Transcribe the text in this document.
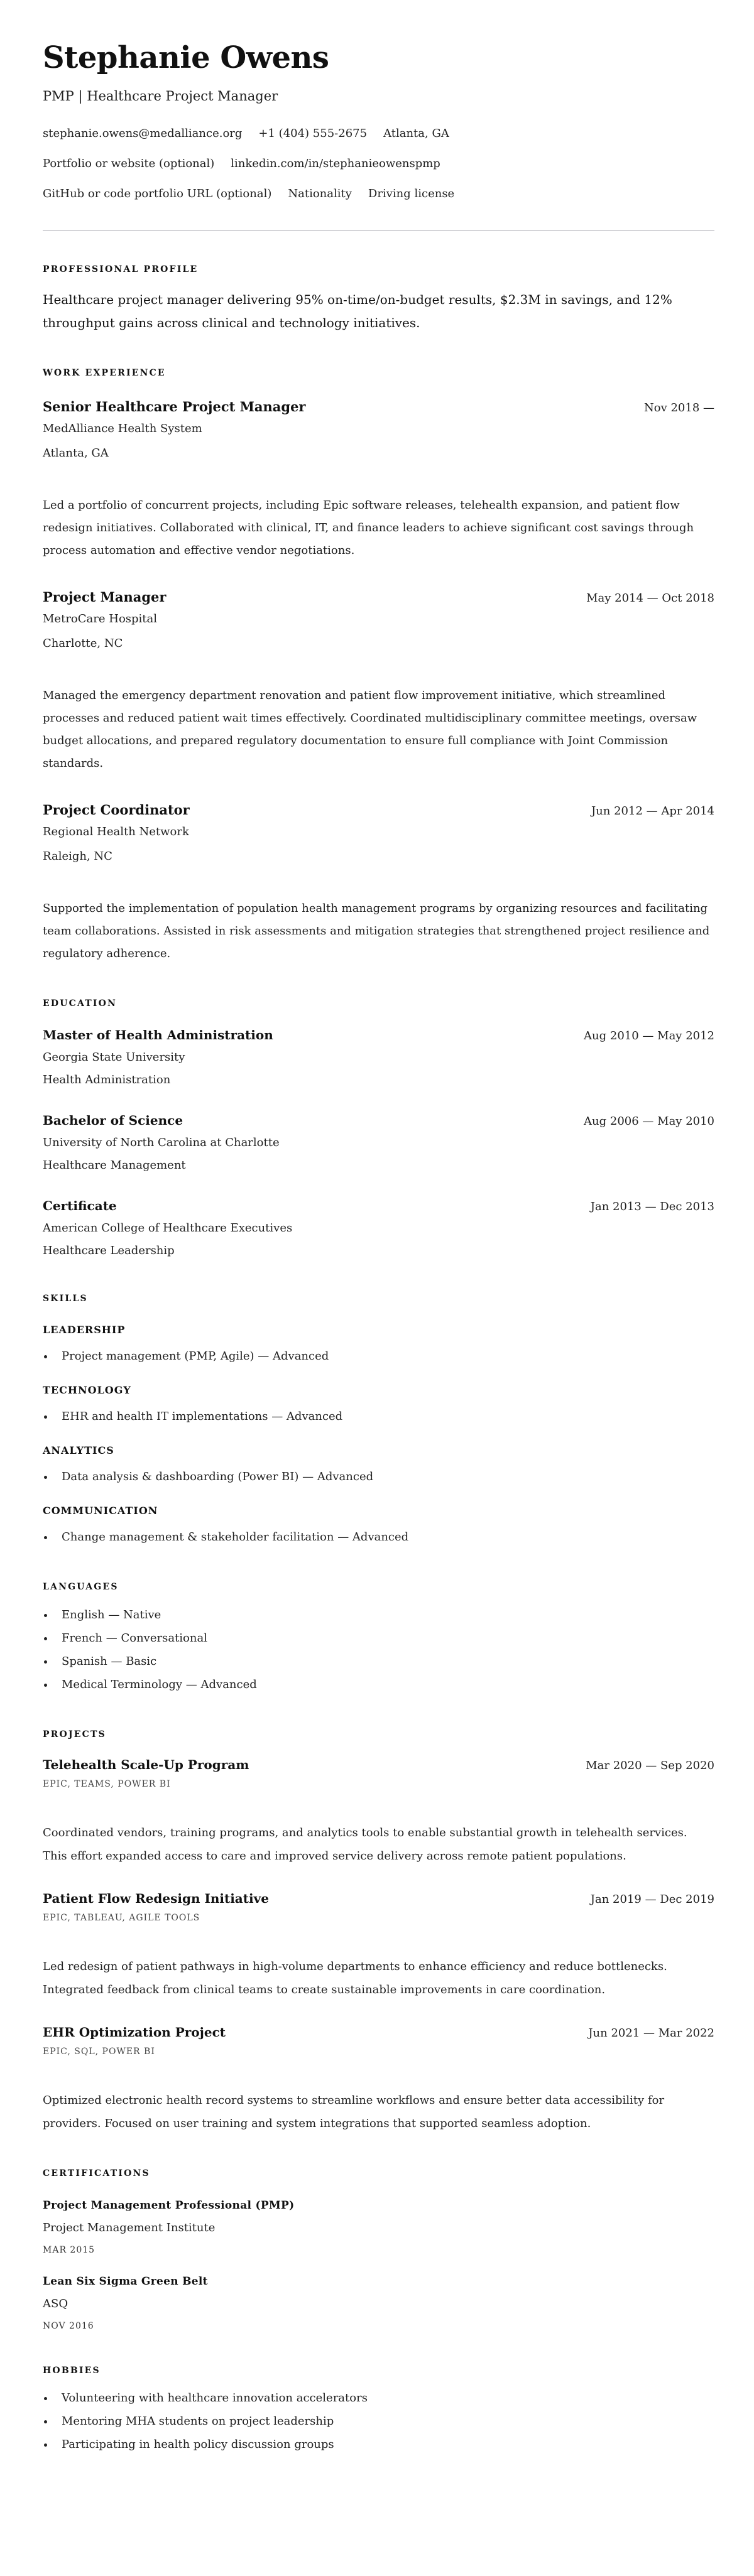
Stephanie Owens
PMP | Healthcare Project Manager
stephanie.owens@medalliance.org +1 (404) 555-2675 Atlanta, GA
Portfolio or website (optional) linkedin.com/in/stephanieowenspmp
GitHub or code portfolio URL (optional) Nationality Driving license
PROFESSIONAL PROFILE
Healthcare project manager delivering 95% on-time/on-budget results, $2.3M in savings, and 12% throughput gains across clinical and technology initiatives.
WORK EXPERIENCE
Senior Healthcare Project Manager	Nov 2018 —
MedAlliance Health System
Atlanta, GA
Led a portfolio of concurrent projects, including Epic software releases, telehealth expansion, and patient flow redesign initiatives. Collaborated with clinical, IT, and finance leaders to achieve significant cost savings through process automation and effective vendor negotiations.
Project Manager	May 2014 — Oct 2018
MetroCare Hospital
Charlotte, NC
Managed the emergency department renovation and patient flow improvement initiative, which streamlined processes and reduced patient wait times effectively. Coordinated multidisciplinary committee meetings, oversaw budget allocations, and prepared regulatory documentation to ensure full compliance with Joint Commission standards.
Project Coordinator	Jun 2012 — Apr 2014
Regional Health Network
Raleigh, NC
Supported the implementation of population health management programs by organizing resources and facilitating team collaborations. Assisted in risk assessments and mitigation strategies that strengthened project resilience and regulatory adherence.
EDUCATION
Master of Health Administration	Aug 2010 — May 2012
Georgia State University
Health Administration
Bachelor of Science	Aug 2006 — May 2010
University of North Carolina at Charlotte
Healthcare Management
Certificate	Jan 2013 — Dec 2013
American College of Healthcare Executives
Healthcare Leadership
SKILLS
LEADERSHIP
Project management (PMP, Agile) — Advanced
TECHNOLOGY
EHR and health IT implementations — Advanced
ANALYTICS
Data analysis & dashboarding (Power BI) — Advanced
COMMUNICATION
Change management & stakeholder facilitation — Advanced
LANGUAGES
English — Native
French — Conversational
Spanish — Basic
Medical Terminology — Advanced
PROJECTS
Telehealth Scale-Up Program	Mar 2020 — Sep 2020
EPIC, TEAMS, POWER BI
Coordinated vendors, training programs, and analytics tools to enable substantial growth in telehealth services. This effort expanded access to care and improved service delivery across remote patient populations.
Patient Flow Redesign Initiative	Jan 2019 — Dec 2019
EPIC, TABLEAU, AGILE TOOLS
Led redesign of patient pathways in high-volume departments to enhance efficiency and reduce bottlenecks. Integrated feedback from clinical teams to create sustainable improvements in care coordination.
EHR Optimization Project	Jun 2021 — Mar 2022
EPIC, SQL, POWER BI
Optimized electronic health record systems to streamline workflows and ensure better data accessibility for providers. Focused on user training and system integrations that supported seamless adoption.
CERTIFICATIONS
Project Management Professional (PMP)
Project Management Institute
MAR 2015
Lean Six Sigma Green Belt
ASQ
NOV 2016
HOBBIES
Volunteering with healthcare innovation accelerators
Mentoring MHA students on project leadership
Participating in health policy discussion groups
